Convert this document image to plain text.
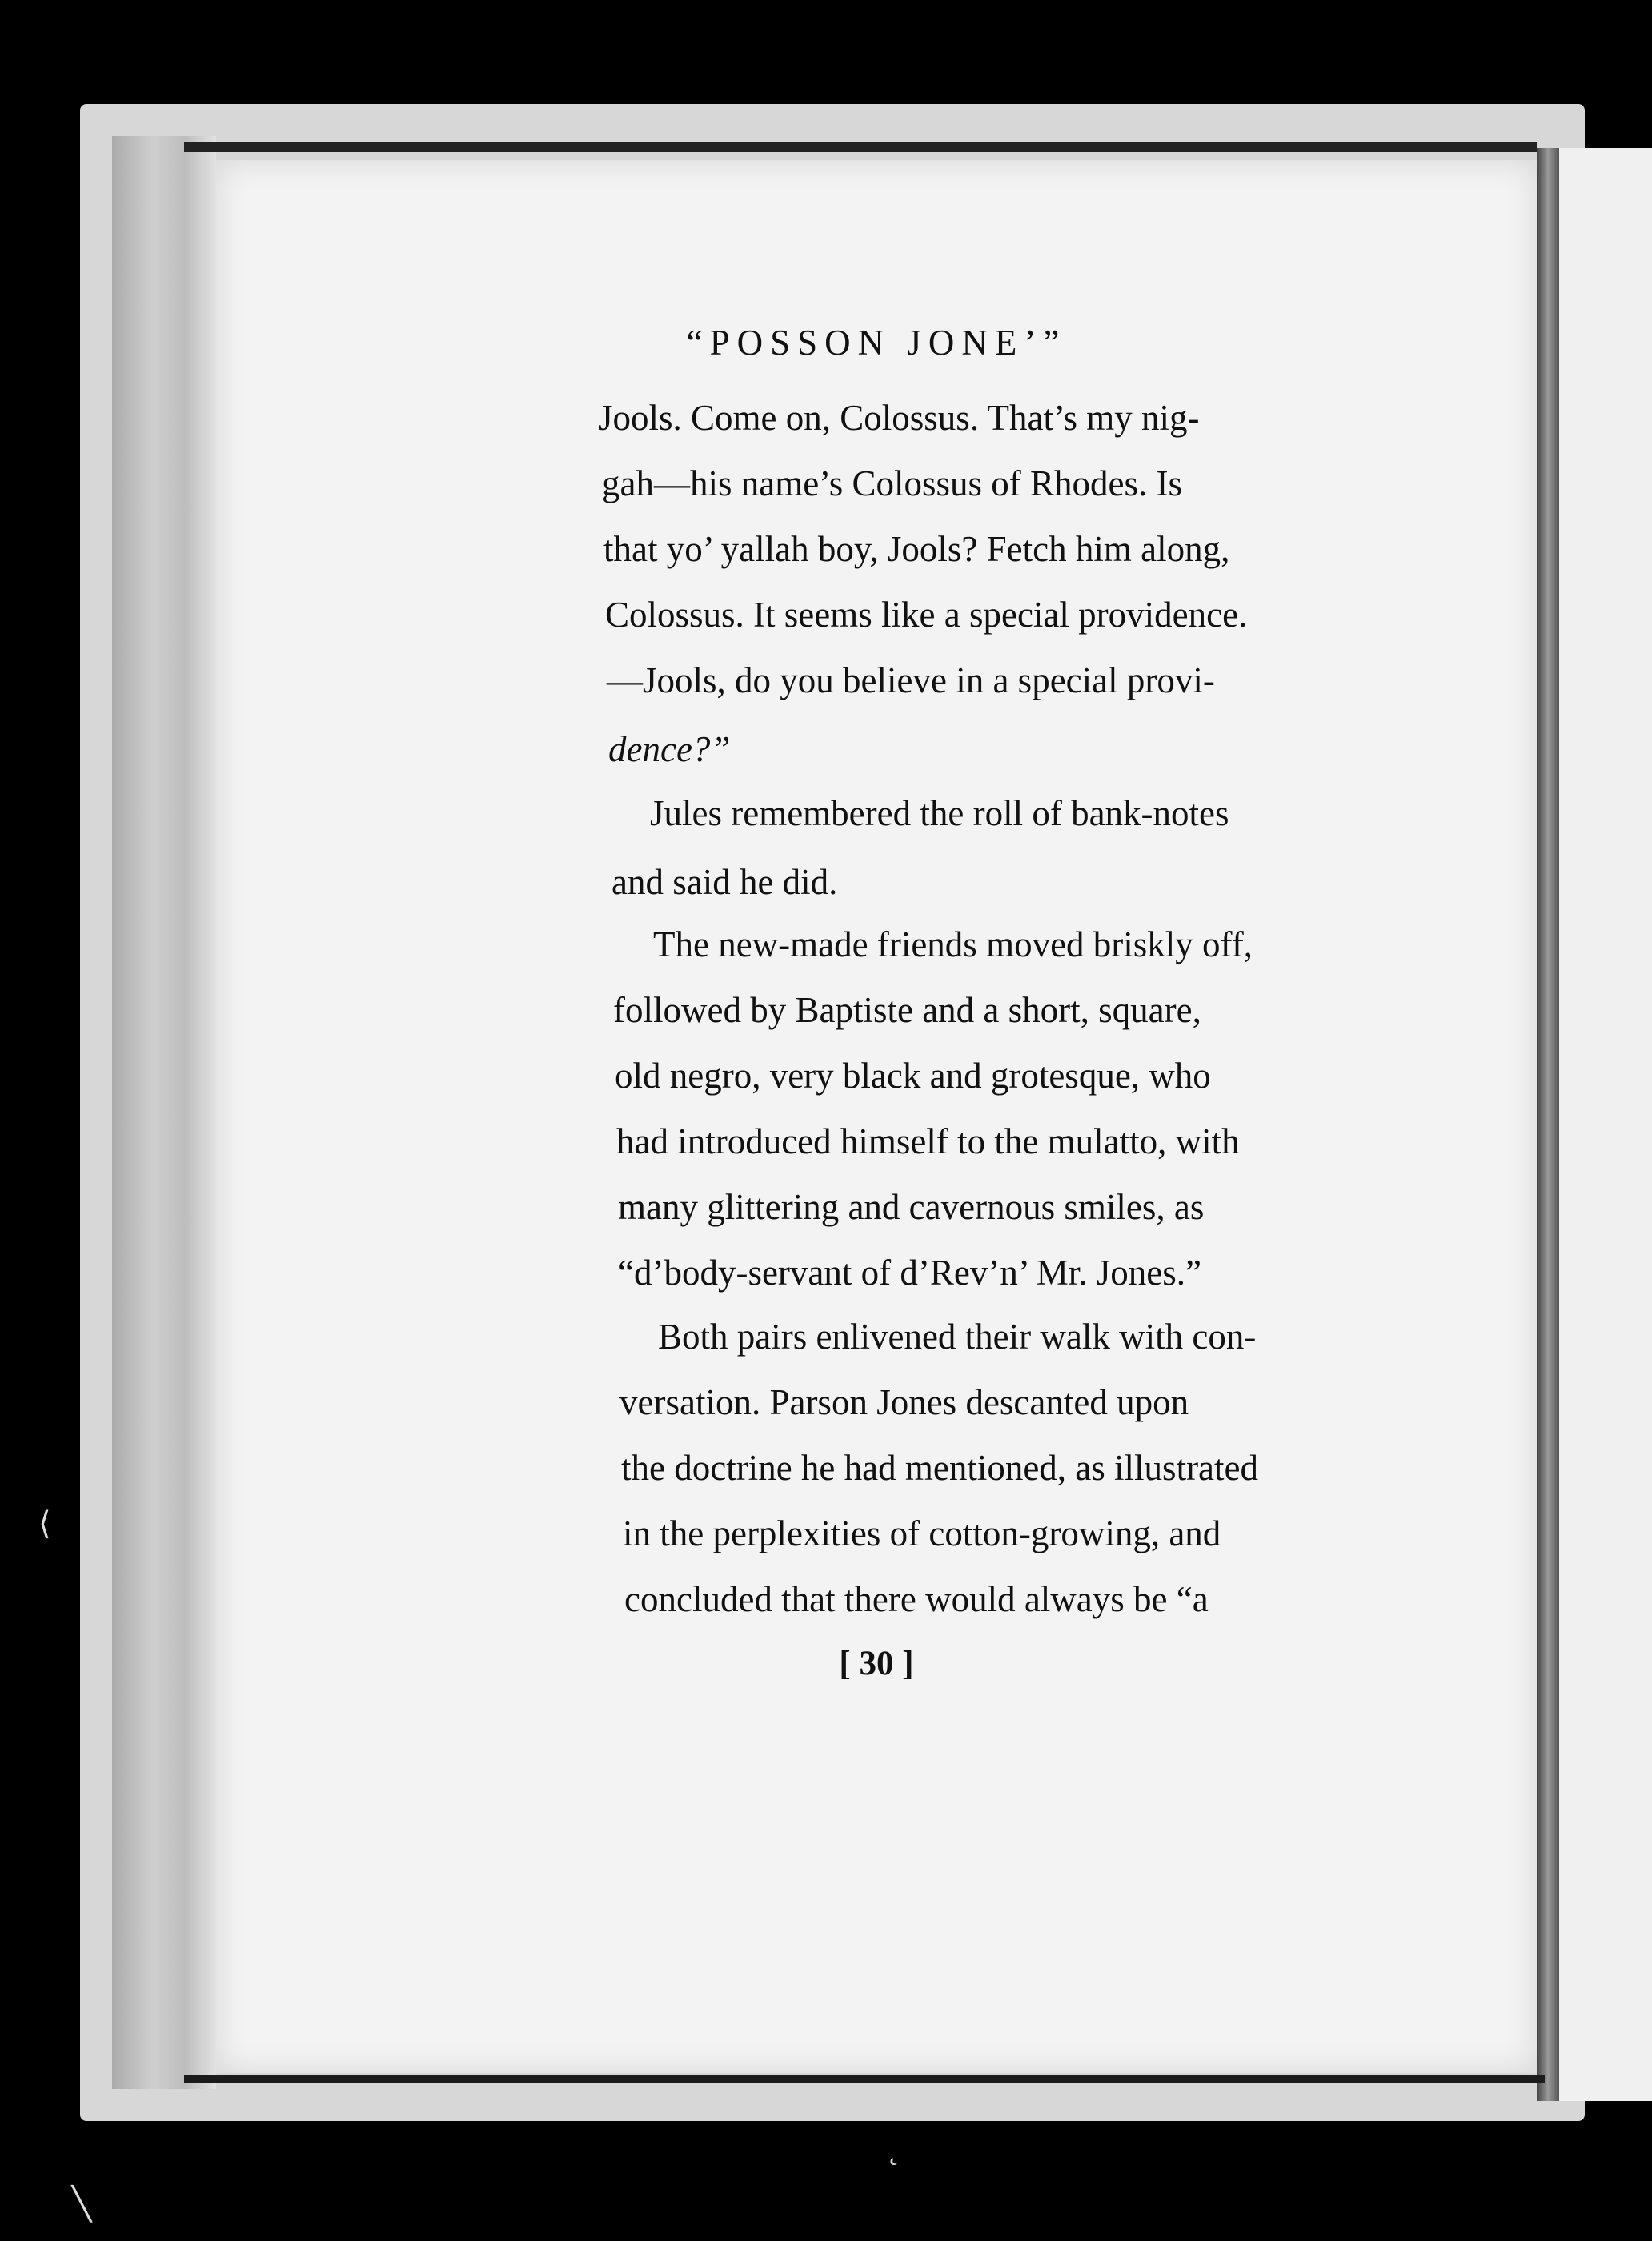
“POSSON JONE’”
Jools. Come on, Colossus. That’s my nig-
gah—his name’s Colossus of Rhodes. Is
that yo’ yallah boy, Jools? Fetch him along,
Colossus. It seems like a special providence.
—Jools, do you believe in a special provi-
dence?”
Jules remembered the roll of bank-notes
and said he did.
The new-made friends moved briskly off,
followed by Baptiste and a short, square,
old negro, very black and grotesque, who
had introduced himself to the mulatto, with
many glittering and cavernous smiles, as
“d’body-servant of d’Rev’n’ Mr. Jones.”
Both pairs enlivened their walk with con-
versation. Parson Jones descanted upon
the doctrine he had mentioned, as illustrated
in the perplexities of cotton-growing, and
concluded that there would always be “a
[ 30 ]
⟨
˛
╲
